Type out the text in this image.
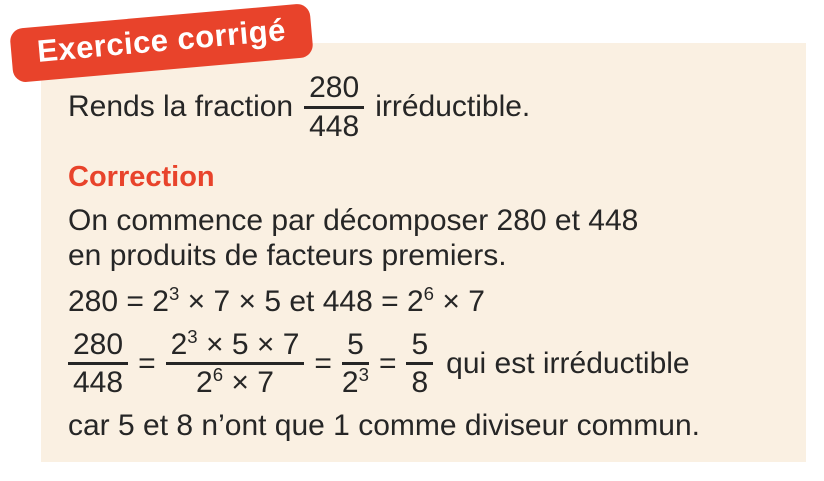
Rends la fraction $\frac{280}{448}$ irréductible.

Correction

On commence par décomposer 280 et 448
en produits de facteurs premiers.

$280 = 2^3 \times 7 \times 5$ et $448 = 2^6 \times 7$

$\frac{280}{448} = \frac{2^3 \times 5 \times 7}{2^6 \times 7} = \frac{5}{2^3} = \frac{5}{8}$ qui est irréductible

car 5 et 8 n’ont que 1 comme diviseur commun.

Exercice corrigé
